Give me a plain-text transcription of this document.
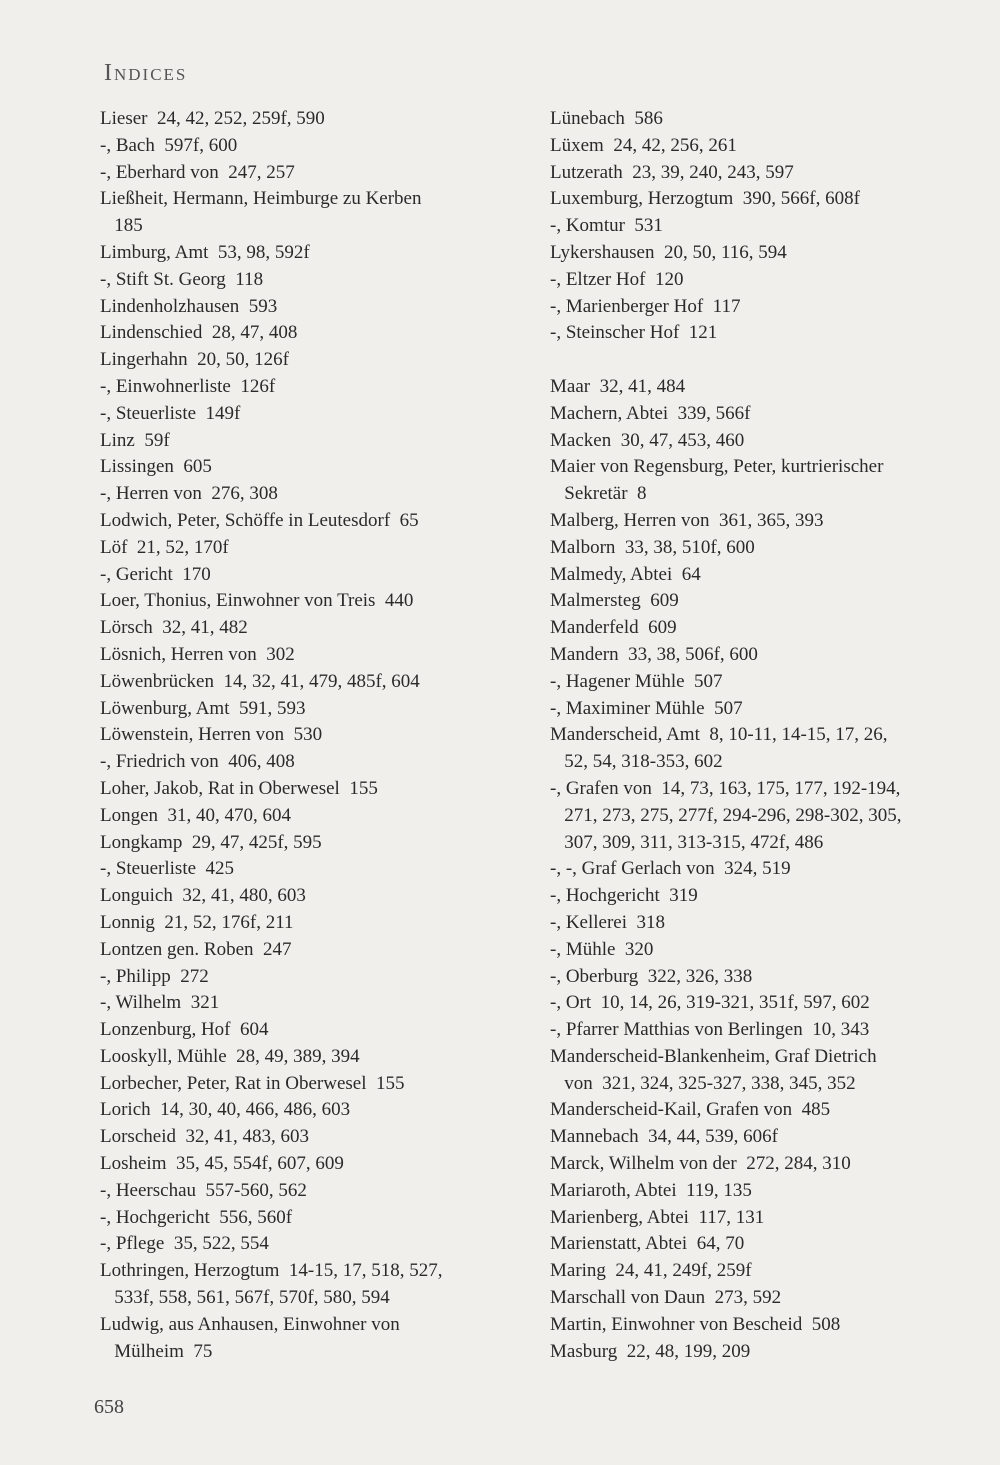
Indices
Lieser  24, 42, 252, 259f, 590
-, Bach  597f, 600
-, Eberhard von  247, 257
Ließheit, Hermann, Heimburge zu Kerben
185
Limburg, Amt  53, 98, 592f
-, Stift St. Georg  118
Lindenholzhausen  593
Lindenschied  28, 47, 408
Lingerhahn  20, 50, 126f
-, Einwohnerliste  126f
-, Steuerliste  149f
Linz  59f
Lissingen  605
-, Herren von  276, 308
Lodwich, Peter, Schöffe in Leutesdorf  65
Löf  21, 52, 170f
-, Gericht  170
Loer, Thonius, Einwohner von Treis  440
Lörsch  32, 41, 482
Lösnich, Herren von  302
Löwenbrücken  14, 32, 41, 479, 485f, 604
Löwenburg, Amt  591, 593
Löwenstein, Herren von  530
-, Friedrich von  406, 408
Loher, Jakob, Rat in Oberwesel  155
Longen  31, 40, 470, 604
Longkamp  29, 47, 425f, 595
-, Steuerliste  425
Longuich  32, 41, 480, 603
Lonnig  21, 52, 176f, 211
Lontzen gen. Roben  247
-, Philipp  272
-, Wilhelm  321
Lonzenburg, Hof  604
Looskyll, Mühle  28, 49, 389, 394
Lorbecher, Peter, Rat in Oberwesel  155
Lorich  14, 30, 40, 466, 486, 603
Lorscheid  32, 41, 483, 603
Losheim  35, 45, 554f, 607, 609
-, Heerschau  557-560, 562
-, Hochgericht  556, 560f
-, Pflege  35, 522, 554
Lothringen, Herzogtum  14-15, 17, 518, 527,
533f, 558, 561, 567f, 570f, 580, 594
Ludwig, aus Anhausen, Einwohner von
Mülheim  75
Lünebach  586
Lüxem  24, 42, 256, 261
Lutzerath  23, 39, 240, 243, 597
Luxemburg, Herzogtum  390, 566f, 608f
-, Komtur  531
Lykershausen  20, 50, 116, 594
-, Eltzer Hof  120
-, Marienberger Hof  117
-, Steinscher Hof  121
Maar  32, 41, 484
Machern, Abtei  339, 566f
Macken  30, 47, 453, 460
Maier von Regensburg, Peter, kurtrierischer
Sekretär  8
Malberg, Herren von  361, 365, 393
Malborn  33, 38, 510f, 600
Malmedy, Abtei  64
Malmersteg  609
Manderfeld  609
Mandern  33, 38, 506f, 600
-, Hagener Mühle  507
-, Maximiner Mühle  507
Manderscheid, Amt  8, 10-11, 14-15, 17, 26,
52, 54, 318-353, 602
-, Grafen von  14, 73, 163, 175, 177, 192-194,
271, 273, 275, 277f, 294-296, 298-302, 305,
307, 309, 311, 313-315, 472f, 486
-, -, Graf Gerlach von  324, 519
-, Hochgericht  319
-, Kellerei  318
-, Mühle  320
-, Oberburg  322, 326, 338
-, Ort  10, 14, 26, 319-321, 351f, 597, 602
-, Pfarrer Matthias von Berlingen  10, 343
Manderscheid-Blankenheim, Graf Dietrich
von  321, 324, 325-327, 338, 345, 352
Manderscheid-Kail, Grafen von  485
Mannebach  34, 44, 539, 606f
Marck, Wilhelm von der  272, 284, 310
Mariaroth, Abtei  119, 135
Marienberg, Abtei  117, 131
Marienstatt, Abtei  64, 70
Maring  24, 41, 249f, 259f
Marschall von Daun  273, 592
Martin, Einwohner von Bescheid  508
Masburg  22, 48, 199, 209
658
